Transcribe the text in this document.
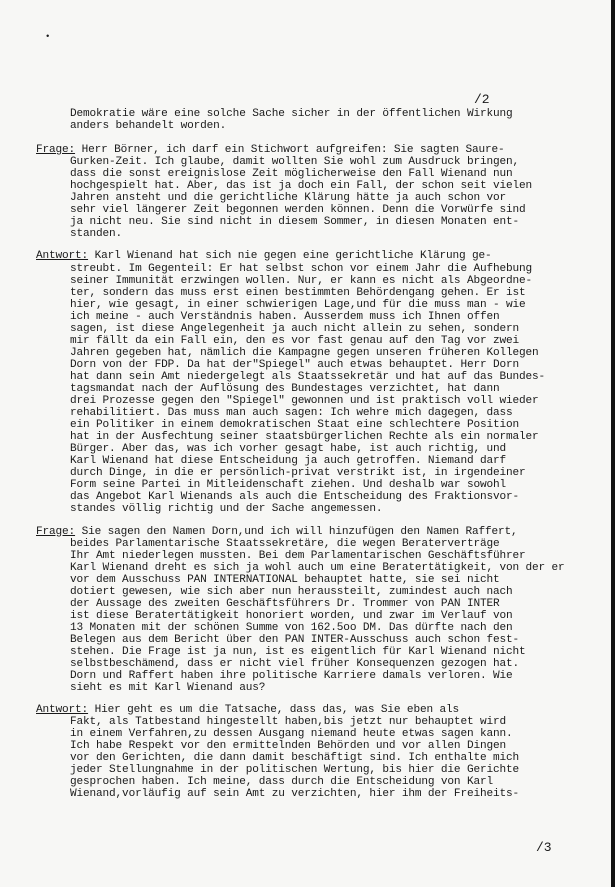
•
/2
Demokratie wäre eine solche Sache sicher in der öffentlichen Wirkung
anders behandelt worden.
Frage: Herr Börner, ich darf ein Stichwort aufgreifen: Sie sagten Saure-
Gurken-Zeit. Ich glaube, damit wollten Sie wohl zum Ausdruck bringen,
dass die sonst ereignislose Zeit möglicherweise den Fall Wienand nun
hochgespielt hat. Aber, das ist ja doch ein Fall, der schon seit vielen
Jahren ansteht und die gerichtliche Klärung hätte ja auch schon vor
sehr viel längerer Zeit begonnen werden können. Denn die Vorwürfe sind
ja nicht neu. Sie sind nicht in diesem Sommer, in diesen Monaten ent-
standen.
Antwort: Karl Wienand hat sich nie gegen eine gerichtliche Klärung ge-
streubt. Im Gegenteil: Er hat selbst schon vor einem Jahr die Aufhebung
seiner Immunität erzwingen wollen. Nur, er kann es nicht als Abgeordne-
ter, sondern das muss erst einen bestimmten Behördengang gehen. Er ist
hier, wie gesagt, in einer schwierigen Lage,und für die muss man - wie
ich meine - auch Verständnis haben. Ausserdem muss ich Ihnen offen
sagen, ist diese Angelegenheit ja auch nicht allein zu sehen, sondern
mir fällt da ein Fall ein, den es vor fast genau auf den Tag vor zwei
Jahren gegeben hat, nämlich die Kampagne gegen unseren früheren Kollegen
Dorn von der FDP. Da hat der"Spiegel" auch etwas behauptet. Herr Dorn
hat dann sein Amt niedergelegt als Staatssekretär und hat auf das Bundes-
tagsmandat nach der Auflösung des Bundestages verzichtet, hat dann
drei Prozesse gegen den "Spiegel" gewonnen und ist praktisch voll wieder
rehabilitiert. Das muss man auch sagen: Ich wehre mich dagegen, dass
ein Politiker in einem demokratischen Staat eine schlechtere Position
hat in der Ausfechtung seiner staatsbürgerlichen Rechte als ein normaler
Bürger. Aber das, was ich vorher gesagt habe, ist auch richtig, und
Karl Wienand hat diese Entscheidung ja auch getroffen. Niemand darf
durch Dinge, in die er persönlich-privat verstrikt ist, in irgendeiner
Form seine Partei in Mitleidenschaft ziehen. Und deshalb war sowohl
das Angebot Karl Wienands als auch die Entscheidung des Fraktionsvor-
standes völlig richtig und der Sache angemessen.
Frage: Sie sagen den Namen Dorn,und ich will hinzufügen den Namen Raffert,
beides Parlamentarische Staatssekretäre, die wegen Beraterverträge
Ihr Amt niederlegen mussten. Bei dem Parlamentarischen Geschäftsführer
Karl Wienand dreht es sich ja wohl auch um eine Beratertätigkeit, von der er
vor dem Ausschuss PAN INTERNATIONAL behauptet hatte, sie sei nicht
dotiert gewesen, wie sich aber nun heraussteilt, zumindest auch nach
der Aussage des zweiten Geschäftsführers Dr. Trommer von PAN INTER
ist diese Beratertätigkeit honoriert worden, und zwar im Verlauf von
13 Monaten mit der schönen Summe von 162.5oo DM. Das dürfte nach den
Belegen aus dem Bericht über den PAN INTER-Ausschuss auch schon fest-
stehen. Die Frage ist ja nun, ist es eigentlich für Karl Wienand nicht
selbstbeschämend, dass er nicht viel früher Konsequenzen gezogen hat.
Dorn und Raffert haben ihre politische Karriere damals verloren. Wie
sieht es mit Karl Wienand aus?
Antwort: Hier geht es um die Tatsache, dass das, was Sie eben als
Fakt, als Tatbestand hingestellt haben,bis jetzt nur behauptet wird
in einem Verfahren,zu dessen Ausgang niemand heute etwas sagen kann.
Ich habe Respekt vor den ermittelnden Behörden und vor allen Dingen
vor den Gerichten, die dann damit beschäftigt sind. Ich enthalte mich
jeder Stellungnahme in der politischen Wertung, bis hier die Gerichte
gesprochen haben. Ich meine, dass durch die Entscheidung von Karl
Wienand,vorläufig auf sein Amt zu verzichten, hier ihm der Freiheits-
/3
